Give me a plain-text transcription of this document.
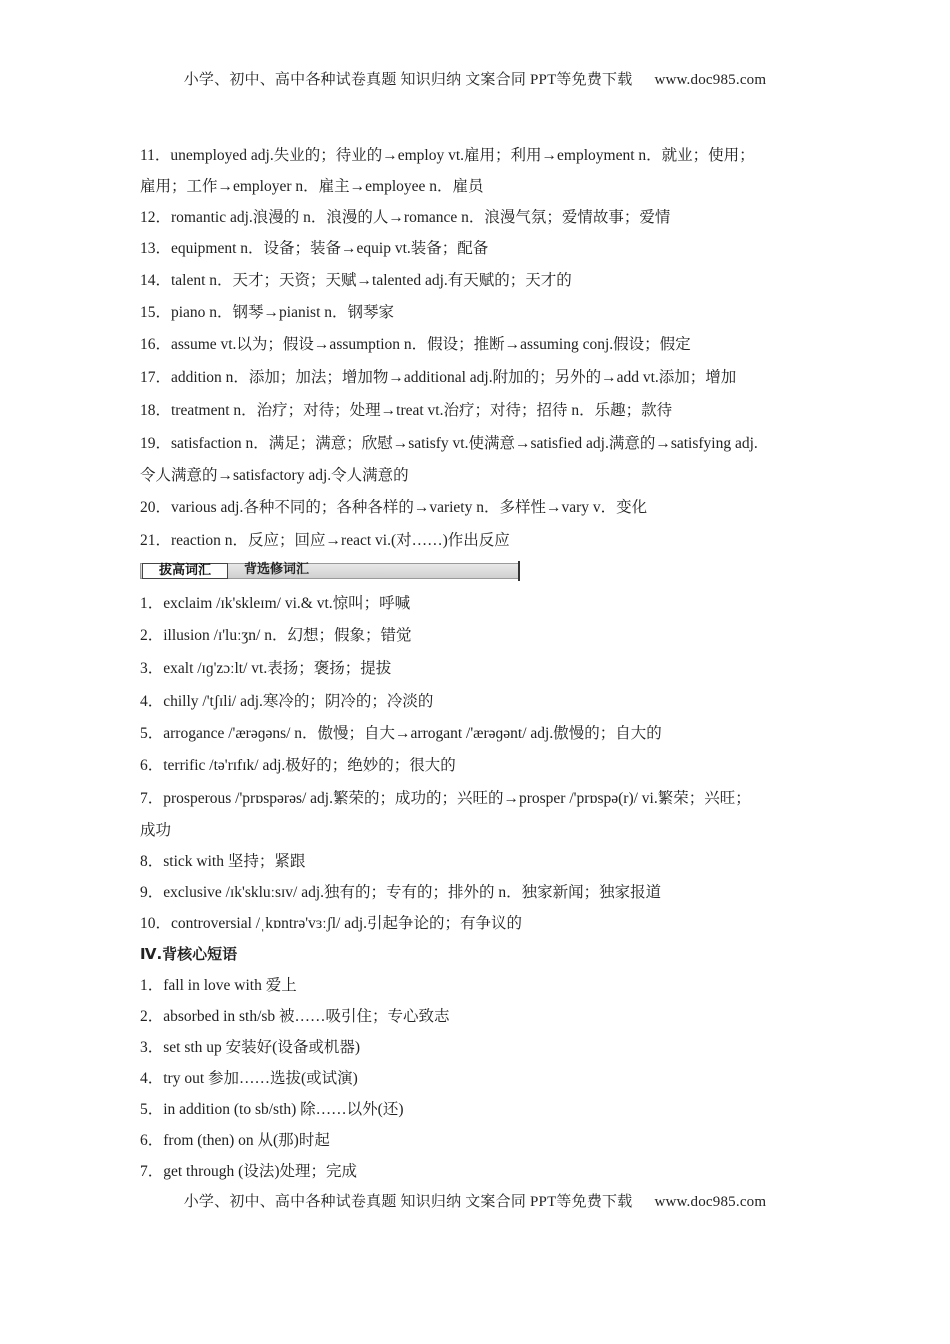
小学、初中、高中各种试卷真题 知识归纳 文案合同 PPT等免费下载 www.doc985.com
11．unemployed adj.失业的；待业的→employ vt.雇用；利用→employment n．就业；使用；
雇用；工作→employer n．雇主→employee n．雇员
12．romantic adj.浪漫的 n．浪漫的人→romance n．浪漫气氛；爱情故事；爱情
13．equipment n．设备；装备→equip vt.装备；配备
14．talent n．天才；天资；天赋→talented adj.有天赋的；天才的
15．piano n．钢琴→pianist n．钢琴家
16．assume vt.以为；假设→assumption n．假设；推断→assuming conj.假设；假定
17．addition n．添加；加法；增加物→additional adj.附加的；另外的→add vt.添加；增加
18．treatment n．治疗；对待；处理→treat vt.治疗；对待；招待 n．乐趣；款待
19．satisfaction n．满足；满意；欣慰→satisfy vt.使满意→satisfied adj.满意的→satisfying adj.
令人满意的→satisfactory adj.令人满意的
20．various adj.各种不同的；各种各样的→variety n．多样性→vary v．变化
21．reaction n．反应；回应→react vi.(对……)作出反应
拔高词汇	背选修词汇
1．exclaim /ɪk'skleɪm/ vi.& vt.惊叫；呼喊
2．illusion /ɪ'luːʒn/ n．幻想；假象；错觉
3．exalt /ɪɡ'zɔːlt/ vt.表扬；褒扬；提拔
4．chilly /'tʃɪli/ adj.寒冷的；阴冷的；冷淡的
5．arrogance /'ærəɡəns/ n．傲慢；自大→arrogant /'ærəɡənt/ adj.傲慢的；自大的
6．terrific /tə'rɪfɪk/ adj.极好的；绝妙的；很大的
7．prosperous /'prɒspərəs/ adj.繁荣的；成功的；兴旺的→prosper /'prɒspə(r)/ vi.繁荣；兴旺；
成功
8．stick with 坚持；紧跟
9．exclusive /ɪk'skluːsɪv/ adj.独有的；专有的；排外的 n．独家新闻；独家报道
10．controversial /ˌkɒntrə'vɜːʃl/ adj.引起争论的；有争议的
Ⅳ.背核心短语
1．fall in love with 爱上
2．absorbed in sth/sb 被……吸引住；专心致志
3．set sth up 安装好(设备或机器)
4．try out 参加……选拔(或试演)
5．in addition (to sb/sth) 除……以外(还)
6．from (then) on 从(那)时起
7．get through (设法)处理；完成
小学、初中、高中各种试卷真题 知识归纳 文案合同 PPT等免费下载 www.doc985.com
